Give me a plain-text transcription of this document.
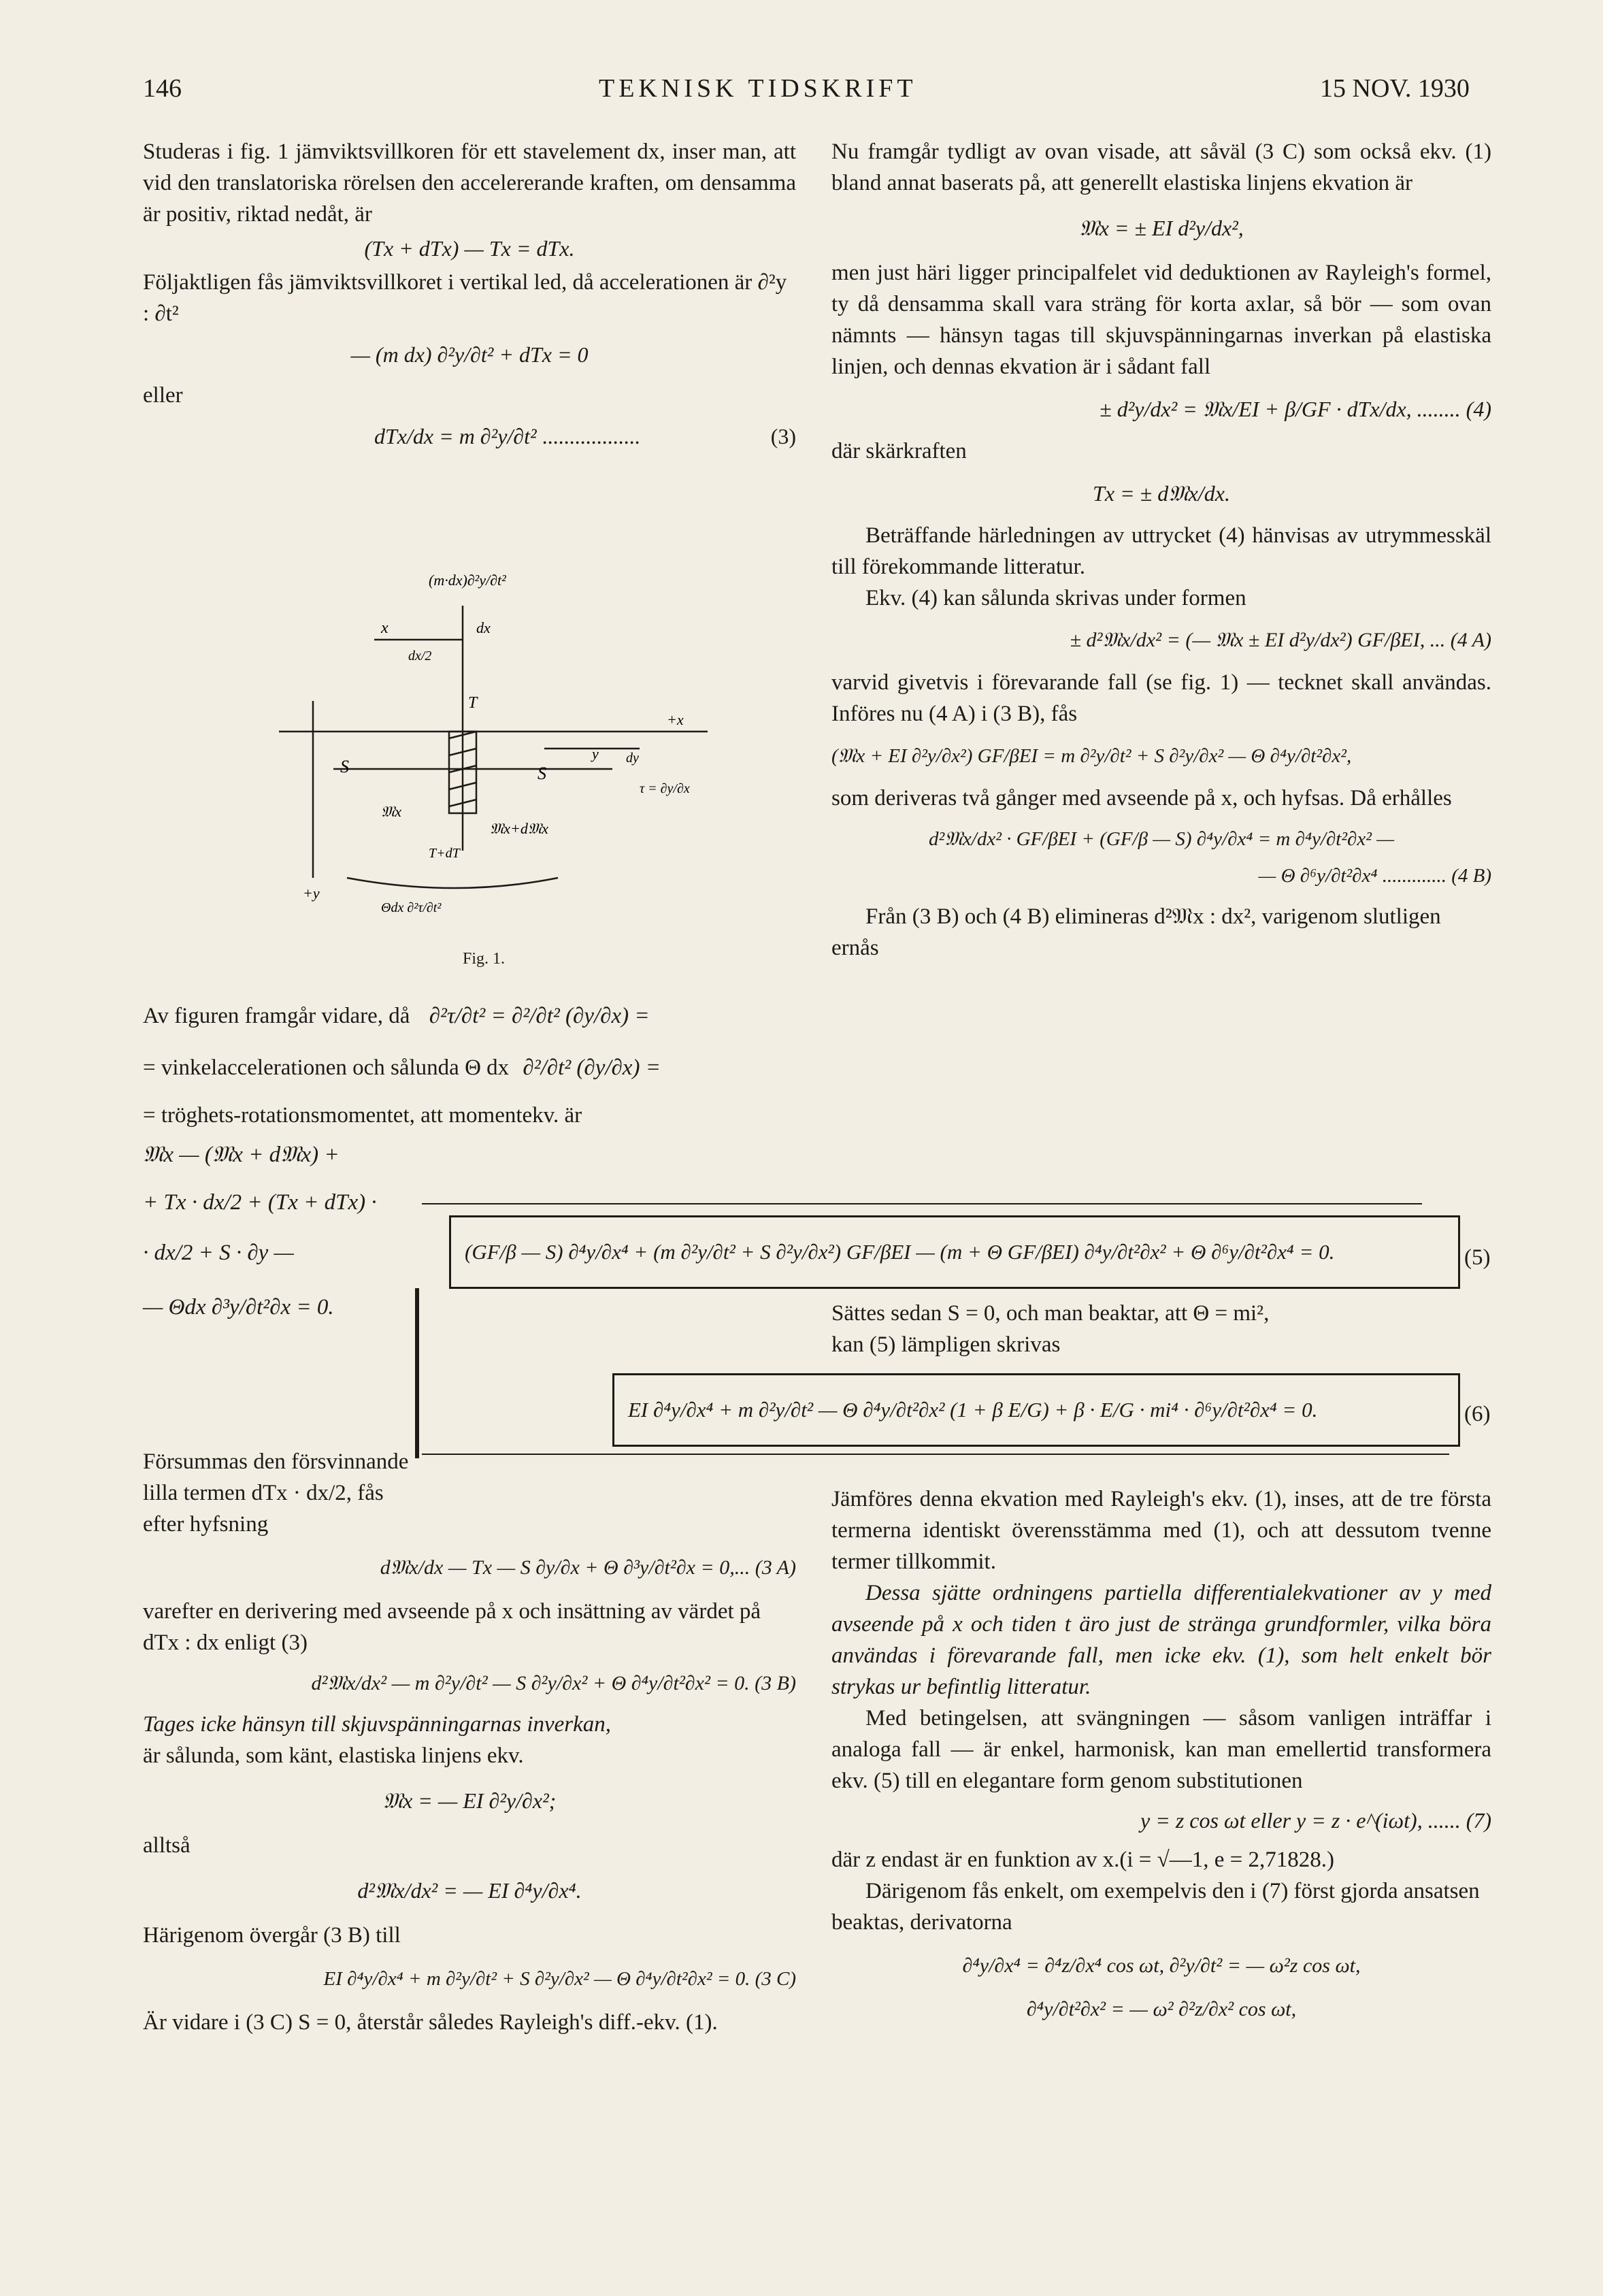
146	TEKNISK TIDSKRIFT	15 NOV. 1930

Studeras i fig. 1 jämviktsvillkoren för ett stavelement dx, inser man, att vid den translatoriska rörelsen den accelererande kraften, om densamma är positiv, riktad nedåt, är

(Tx + dTx) — Tx = dTx.

Följaktligen fås jämviktsvillkoret i vertikal led, då accelerationen är ∂²y : ∂t²

— (m dx) ∂²y/∂t² + dTx = 0

eller

dTx/dx = m ∂²y/∂t² ..................	(3)
(m·dx)∂²y/∂t²
x
dx/2
dx
T
+x
y dy
τ = ∂y/∂x
S	S
𝔐x
𝔐x+d𝔐x
T+dT
+y
Θdx ∂²τ/∂t²
Fig. 1.
Av figuren framgår vidare, då ∂²τ/∂t² = ∂²/∂t² (∂y/∂x) =
= vinkelaccelerationen och sålunda Θ dx ∂²/∂t² (∂y/∂x) =

= tröghets-rotationsmomentet, att momentekv. är

𝔐x — (𝔐x + d𝔐x) +
+ Tx · dx/2 + (Tx + dTx) ·
· dx/2 + S · ∂y —
— Θdx ∂³y/∂t²∂x = 0.

Försummas den försvinnande lilla termen dTx · dx/2, fås efter hyfsning

d𝔐x/dx — Tx — S ∂y/∂x + Θ ∂³y/∂t²∂x = 0,... (3 A)

varefter en derivering med avseende på x och insättning av värdet på dTx : dx enligt (3)

d²𝔐x/dx² — m ∂²y/∂t² — S ∂²y/∂x² + Θ ∂⁴y/∂t²∂x² = 0. (3 B)

Tages icke hänsyn till skjuvspänningarnas inverkan,

är sålunda, som känt, elastiska linjens ekv.

𝔐x = — EI ∂²y/∂x²;

alltså

d²𝔐x/dx² = — EI ∂⁴y/∂x⁴.

Härigenom övergår (3 B) till

EI ∂⁴y/∂x⁴ + m ∂²y/∂t² + S ∂²y/∂x² — Θ ∂⁴y/∂t²∂x² = 0. (3 C)

Är vidare i (3 C) S = 0, återstår således Rayleigh's diff.-ekv. (1).

Nu framgår tydligt av ovan visade, att såväl (3 C) som också ekv. (1) bland annat baserats på, att generellt elastiska linjens ekvation är

𝔐x = ± EI d²y/dx²,

men just häri ligger principalfelet vid deduktionen av Rayleigh's formel, ty då densamma skall vara sträng för korta axlar, så bör — som ovan nämnts — hänsyn tagas till skjuvspänningarnas inverkan på elastiska linjen, och dennas ekvation är i sådant fall

± d²y/dx² = 𝔐x/EI + β/GF · dTx/dx, ........ (4)

där skärkraften

Tx = ± d𝔐x/dx.

Beträffande härledningen av uttrycket (4) hänvisas av utrymmesskäl till förekommande litteratur.

Ekv. (4) kan sålunda skrivas under formen

± d²𝔐x/dx² = (— 𝔐x ± EI d²y/dx²) GF/βEI, ... (4 A)

varvid givetvis i förevarande fall (se fig. 1) — tecknet skall användas. Införes nu (4 A) i (3 B), fås

(𝔐x + EI ∂²y/∂x²) GF/βEI = m ∂²y/∂t² + S ∂²y/∂x² — Θ ∂⁴y/∂t²∂x²,

som deriveras två gånger med avseende på x, och hyfsas. Då erhålles

d²𝔐x/dx² · GF/βEI + (GF/β — S) ∂⁴y/∂x⁴ = m ∂⁴y/∂t²∂x² —
— Θ ∂⁶y/∂t²∂x⁴ ............. (4 B)

Från (3 B) och (4 B) elimineras d²𝔐x : dx², varigenom slutligen ernås

(GF/β — S) ∂⁴y/∂x⁴ + (m ∂²y/∂t² + S ∂²y/∂x²) GF/βEI — (m + Θ GF/βEI) ∂⁴y/∂t²∂x² + Θ ∂⁶y/∂t²∂x⁴ = 0.	(5)
Sättes sedan S = 0, och man beaktar, att Θ = mi²,
kan (5) lämpligen skrivas
EI ∂⁴y/∂x⁴ + m ∂²y/∂t² — Θ ∂⁴y/∂t²∂x² (1 + β E/G) + β · E/G · mi⁴ · ∂⁶y/∂t²∂x⁴ = 0.	(6)

Jämföres denna ekvation med Rayleigh's ekv. (1), inses, att de tre första termerna identiskt överensstämma med (1), och att dessutom tvenne termer tillkommit.

Dessa sjätte ordningens partiella differentialekvationer av y med avseende på x och tiden t äro just de stränga grundformler, vilka böra användas i förevarande fall, men icke ekv. (1), som helt enkelt bör strykas ur befintlig litteratur.

Med betingelsen, att svängningen — såsom vanligen inträffar i analoga fall — är enkel, harmonisk, kan man emellertid transformera ekv. (5) till en elegantare form genom substitutionen

y = z cos ωt eller y = z · e^(iωt), ...... (7)

där z endast är en funktion av x.(i = √—1, e = 2,71828.)

Därigenom fås enkelt, om exempelvis den i (7) först gjorda ansatsen beaktas, derivatorna

∂⁴y/∂x⁴ = ∂⁴z/∂x⁴ cos ωt, ∂²y/∂t² = — ω²z cos ωt,
∂⁴y/∂t²∂x² = — ω² ∂²z/∂x² cos ωt,
